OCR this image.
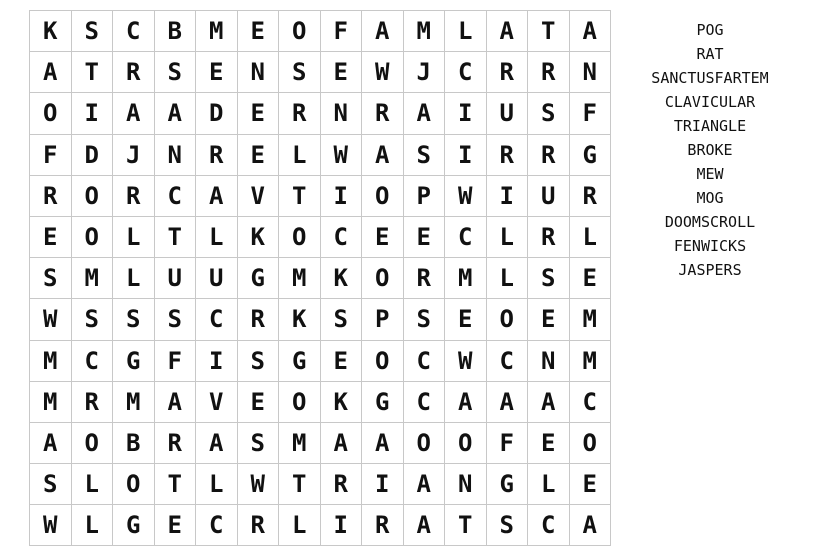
K	S	C	B	M	E	O	F	A	M	L	A	T	A
A	T	R	S	E	N	S	E	W	J	C	R	R	N
O	I	A	A	D	E	R	N	R	A	I	U	S	F
F	D	J	N	R	E	L	W	A	S	I	R	R	G
R	O	R	C	A	V	T	I	O	P	W	I	U	R
E	O	L	T	L	K	O	C	E	E	C	L	R	L
S	M	L	U	U	G	M	K	O	R	M	L	S	E
W	S	S	S	C	R	K	S	P	S	E	O	E	M
M	C	G	F	I	S	G	E	O	C	W	C	N	M
M	R	M	A	V	E	O	K	G	C	A	A	A	C
A	O	B	R	A	S	M	A	A	O	O	F	E	O
S	L	O	T	L	W	T	R	I	A	N	G	L	E
W	L	G	E	C	R	L	I	R	A	T	S	C	A
POG
RAT
SANCTUSFARTEM
CLAVICULAR
TRIANGLE
BROKE
MEW
MOG
DOOMSCROLL
FENWICKS
JASPERS
